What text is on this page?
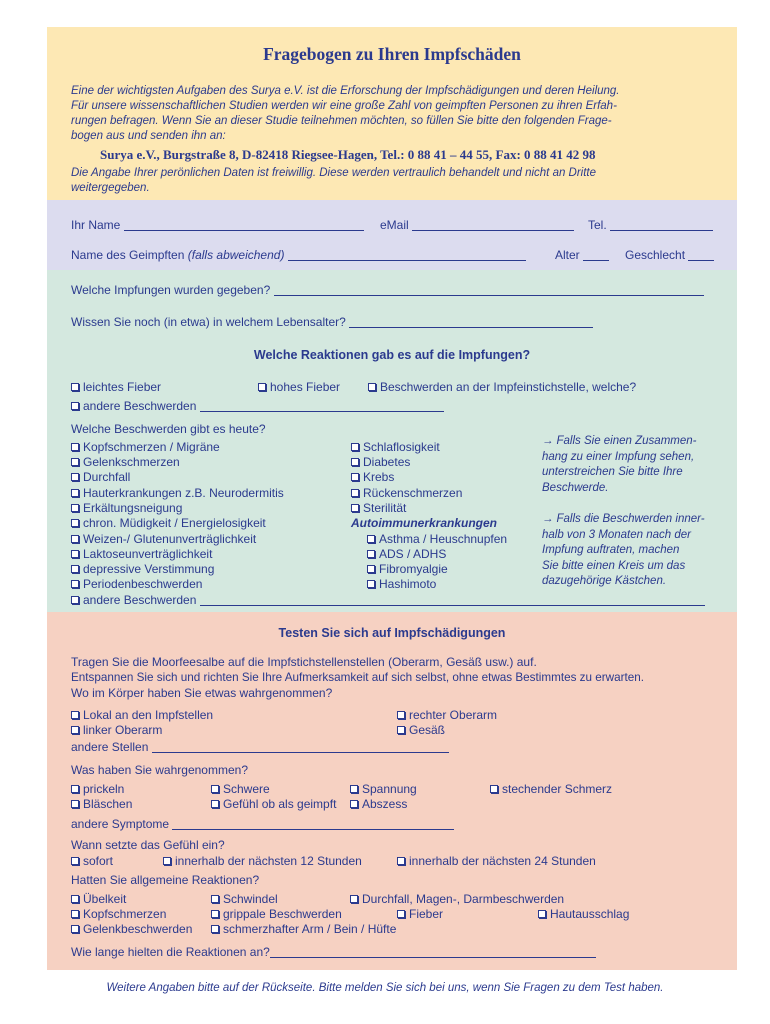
Fragebogen zu Ihren Impfschäden
Eine der wichtigsten Aufgaben des Surya e.V. ist die Erforschung der Impfschädigungen und deren Heilung.
Für unsere wissenschaftlichen Studien werden wir eine große Zahl von geimpften Personen zu ihren Erfah-
rungen befragen. Wenn Sie an dieser Studie teilnehmen möchten, so füllen Sie bitte den folgenden Frage-
bogen aus und senden ihn an:
Surya e.V., Burgstraße 8, D-82418 Riegsee-Hagen, Tel.: 0 88 41 – 44 55, Fax: 0 88 41 42 98
Die Angabe Ihrer perönlichen Daten ist freiwillig. Diese werden vertraulich behandelt und nicht an Dritte
weitergegeben.
Ihr Name	eMail	Tel.
Name des Geimpften (falls abweichend)	Alter	Geschlecht
Welche Impfungen wurden gegeben?
Wissen Sie noch (in etwa) in welchem Lebensalter?
Welche Reaktionen gab es auf die Impfungen?
leichtes Fieber	hohes Fieber	Beschwerden an der Impfeinstichstelle, welche?
andere Beschwerden
Welche Beschwerden gibt es heute?
Kopfschmerzen / Migräne
Gelenkschmerzen
Durchfall
Hauterkrankungen z.B. Neurodermitis
Erkältungsneigung
chron. Müdigkeit / Energielosigkeit
Weizen-/ Glutenunverträglichkeit
Laktoseunverträglichkeit
depressive Verstimmung
Periodenbeschwerden
andere Beschwerden
Schlaflosigkeit
Diabetes
Krebs
Rückenschmerzen
Sterilität
Autoimmunerkrankungen
Asthma / Heuschnupfen
ADS / ADHS
Fibromyalgie
Hashimoto
→ Falls Sie einen Zusammen-
hang zu einer Impfung sehen,
unterstreichen Sie bitte Ihre
Beschwerde.
→ Falls die Beschwerden inner-
halb von 3 Monaten nach der
Impfung auftraten, machen
Sie bitte einen Kreis um das
dazugehörige Kästchen.
Testen Sie sich auf Impfschädigungen
Tragen Sie die Moorfeesalbe auf die Impfstichstellenstellen (Oberarm, Gesäß usw.) auf.
Entspannen Sie sich und richten Sie Ihre Aufmerksamkeit auf sich selbst, ohne etwas Bestimmtes zu erwarten.
Wo im Körper haben Sie etwas wahrgenommen?
Lokal an den Impfstellen	rechter Oberarm
linker Oberarm	Gesäß
andere Stellen
Was haben Sie wahrgenommen?
prickeln	Schwere	Spannung	stechender Schmerz
Bläschen	Gefühl ob als geimpft	Abszess
andere Symptome
Wann setzte das Gefühl ein?
sofort	innerhalb der nächsten 12 Stunden	innerhalb der nächsten 24 Stunden
Hatten Sie allgemeine Reaktionen?
Übelkeit	Schwindel	Durchfall, Magen-, Darmbeschwerden
Kopfschmerzen	grippale Beschwerden	Fieber	Hautausschlag
Gelenkbeschwerden	schmerzhafter Arm / Bein / Hüfte
Wie lange hielten die Reaktionen an?
Weitere Angaben bitte auf der Rückseite. Bitte melden Sie sich bei uns, wenn Sie Fragen zu dem Test haben.
